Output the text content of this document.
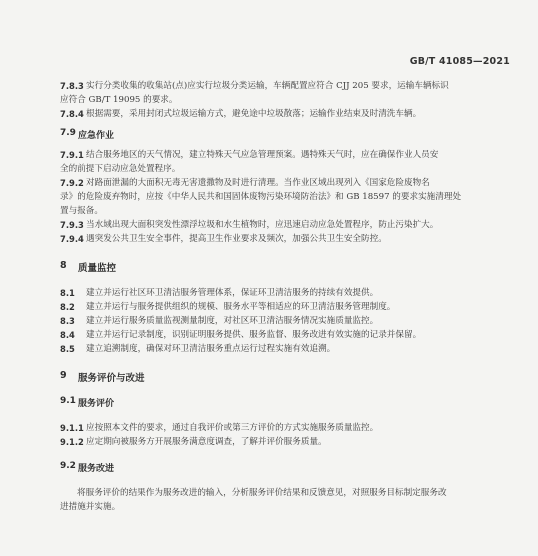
GB/T 41085—2021
7.8.3 实行分类收集的收集站(点)应实行垃圾分类运输，车辆配置应符合 CJJ 205 要求，运输车辆标识
应符合 GB/T 19095 的要求。
7.8.4 根据需要，采用封闭式垃圾运输方式，避免途中垃圾散落；运输作业结束及时清洗车辆。
7.9 应急作业
7.9.1 结合服务地区的天气情况，建立特殊天气应急管理预案。遇特殊天气时，应在确保作业人员安
全的前提下启动应急处置程序。
7.9.2 对路面泄漏的大面积无毒无害遗撒物及时进行清理。当作业区域出现列入《国家危险废物名
录》的危险废弃物时，应按《中华人民共和国固体废物污染环境防治法》和 GB 18597 的要求实施清理处
置与报备。
7.9.3 当水域出现大面积突发性漂浮垃圾和水生植物时，应迅速启动应急处置程序，防止污染扩大。
7.9.4 遇突发公共卫生安全事件，提高卫生作业要求及频次，加强公共卫生安全防控。
8	质量监控
8.1	建立并运行社区环卫清洁服务管理体系，保证环卫清洁服务的持续有效提供。
8.2	建立并运行与服务提供组织的规模、服务水平等相适应的环卫清洁服务管理制度。
8.3	建立并运行服务质量监视测量制度，对社区环卫清洁服务情况实施质量监控。
8.4	建立并运行记录制度，识别证明服务提供、服务监督、服务改进有效实施的记录并保留。
8.5	建立追溯制度，确保对环卫清洁服务重点运行过程实施有效追溯。
9	服务评价与改进
9.1 服务评价
9.1.1 应按照本文件的要求，通过自我评价或第三方评价的方式实施服务质量监控。
9.1.2 应定期向被服务方开展服务满意度调查，了解并评价服务质量。
9.2 服务改进
将服务评价的结果作为服务改进的输入，分析服务评价结果和反馈意见，对照服务目标制定服务改
进措施并实施。
